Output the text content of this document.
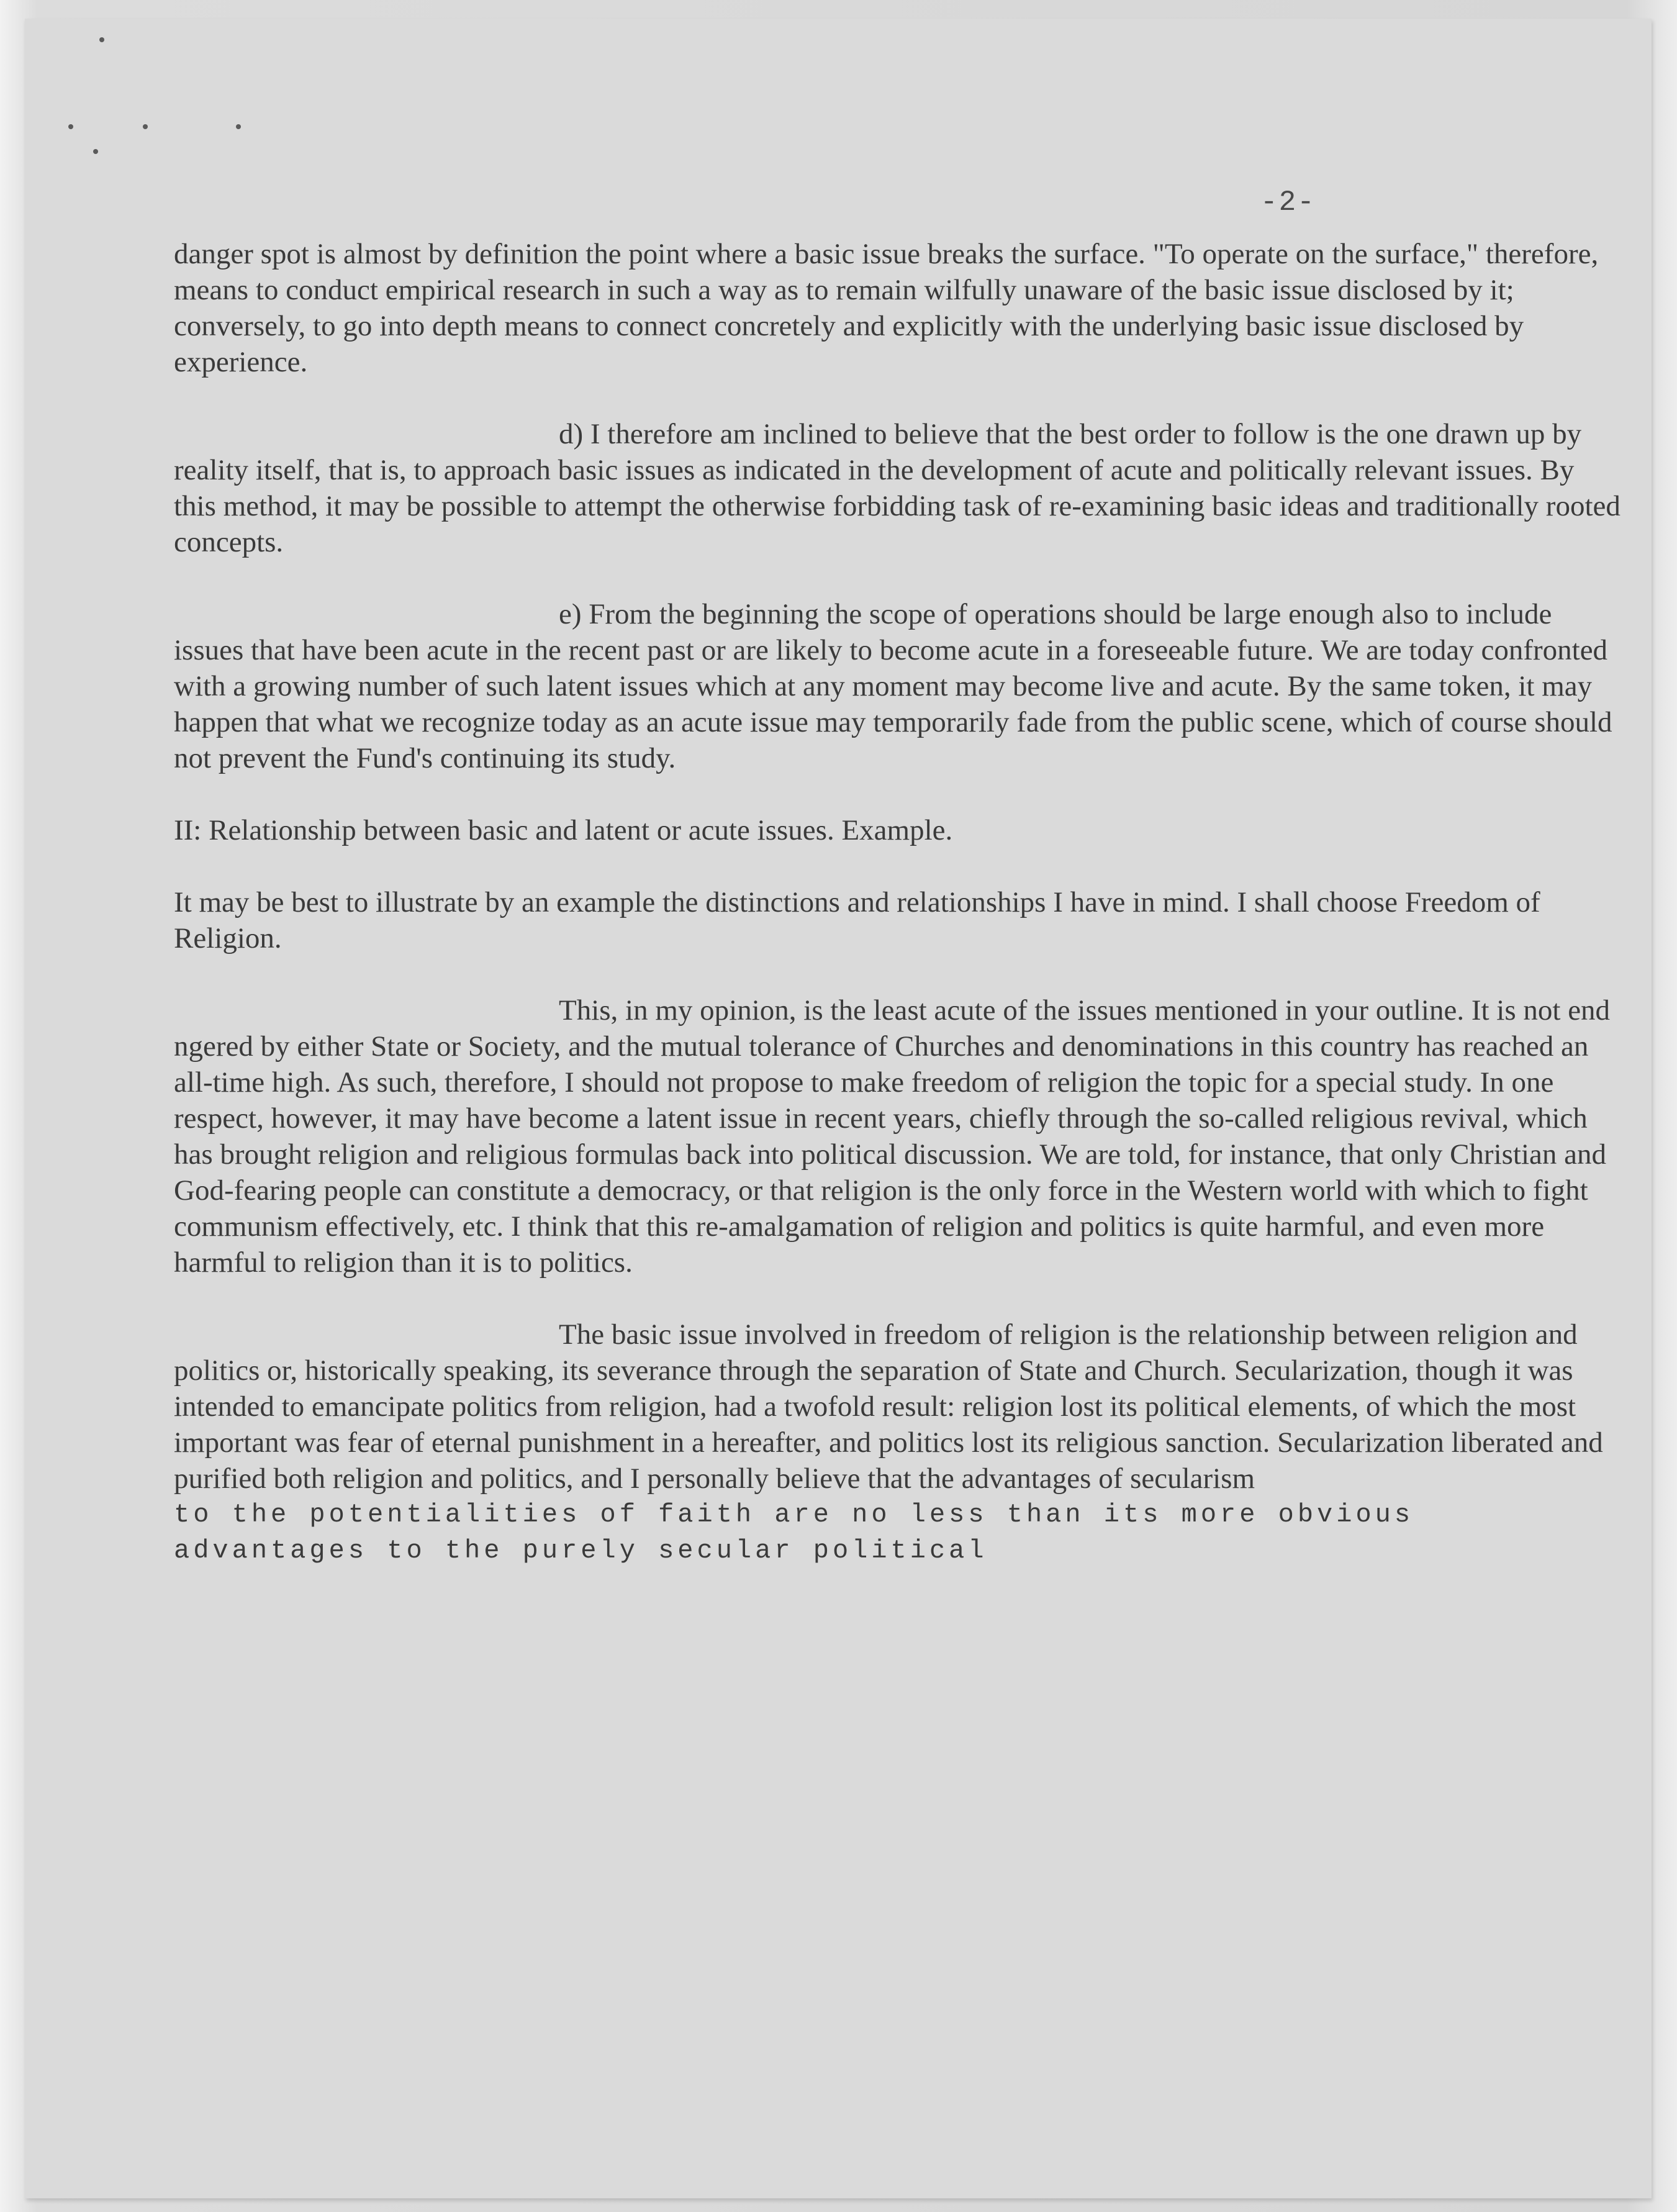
-2-

danger spot is almost by definition the point where a basic issue breaks the surface. "To operate on the surface," therefore, means to conduct empirical research in such a way as to remain wilfully unaware of the basic issue disclosed by it; conversely, to go into depth means to connect concretely and explicitly with the underlying basic issue disclosed by experience.

d) I therefore am inclined to believe that the best order to follow is the one drawn up by reality itself, that is, to approach basic issues as indicated in the development of acute and politically relevant issues. By this method, it may be possible to attempt the otherwise forbidding task of re-examining basic ideas and traditionally rooted concepts.

e) From the beginning the scope of operations should be large enough also to include issues that have been acute in the recent past or are likely to become acute in a foreseeable future. We are today confronted with a growing number of such latent issues which at any moment may become live and acute. By the same token, it may happen that what we recognize today as an acute issue may temporarily fade from the public scene, which of course should not prevent the Fund's continuing its study.

II: Relationship between basic and latent or acute issues. Example.

It may be best to illustrate by an example the distinctions and relationships I have in mind. I shall choose Freedom of Religion.

This, in my opinion, is the least acute of the issues mentioned in your outline. It is not end ngered by either State or Society, and the mutual tolerance of Churches and denominations in this country has reached an all-time high. As such, therefore, I should not propose to make freedom of religion the topic for a special study. In one respect, however, it may have become a latent issue in recent years, chiefly through the so-called religious revival, which has brought religion and religious formulas back into political discussion. We are told, for instance, that only Christian and God-fearing people can constitute a democracy, or that religion is the only force in the Western world with which to fight communism effectively, etc. I think that this re-amalgamation of religion and politics is quite harmful, and even more harmful to religion than it is to politics.

The basic issue involved in freedom of religion is the relationship between religion and politics or, historically speaking, its severance through the separation of State and Church. Secularization, though it was intended to emancipate politics from religion, had a twofold result: religion lost its political elements, of which the most important was fear of eternal punishment in a hereafter, and politics lost its religious sanction. Secularization liberated and purified both religion and politics, and I personally believe that the advantages of secularism

to the potentialities of faith are no less than its more obvious advantages to the purely secular political
